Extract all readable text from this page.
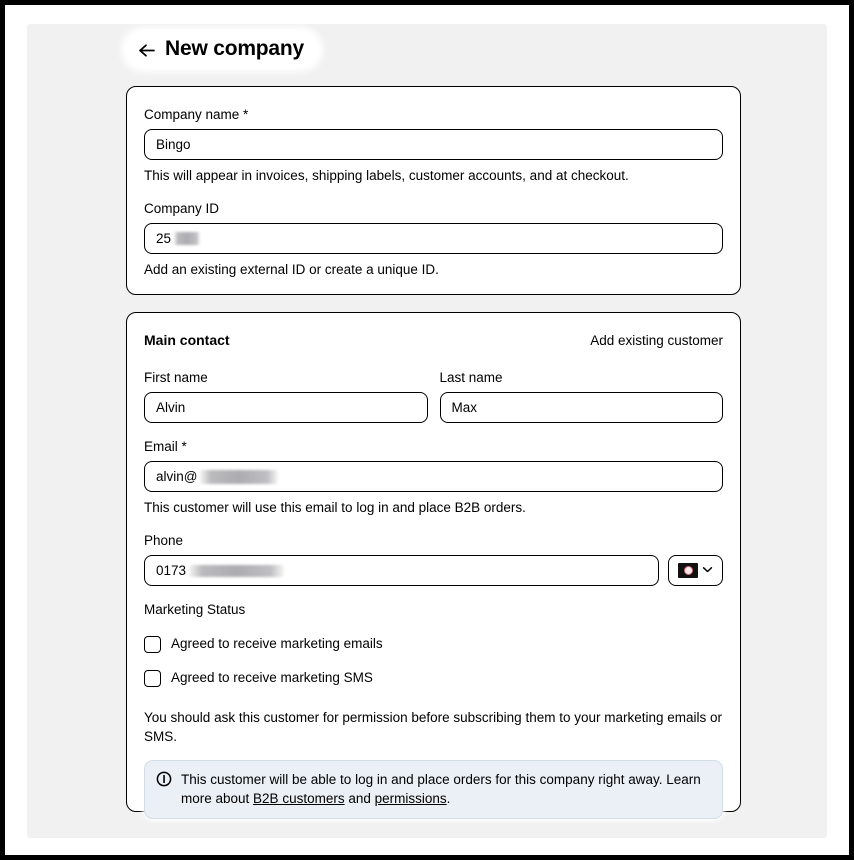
New company
Company name *
Bingo
This will appear in invoices, shipping labels, customer accounts, and at checkout.
Company ID
25
Add an existing external ID or create a unique ID.
Main contact	Add existing customer
First name
Alvin
Last name
Max
Email *
alvin@
This customer will use this email to log in and place B2B orders.
Phone
0173
Marketing Status
Agreed to receive marketing emails
Agreed to receive marketing SMS
You should ask this customer for permission before subscribing them to your marketing emails or SMS.
This customer will be able to log in and place orders for this company right away. Learn more about B2B customers and permissions.
